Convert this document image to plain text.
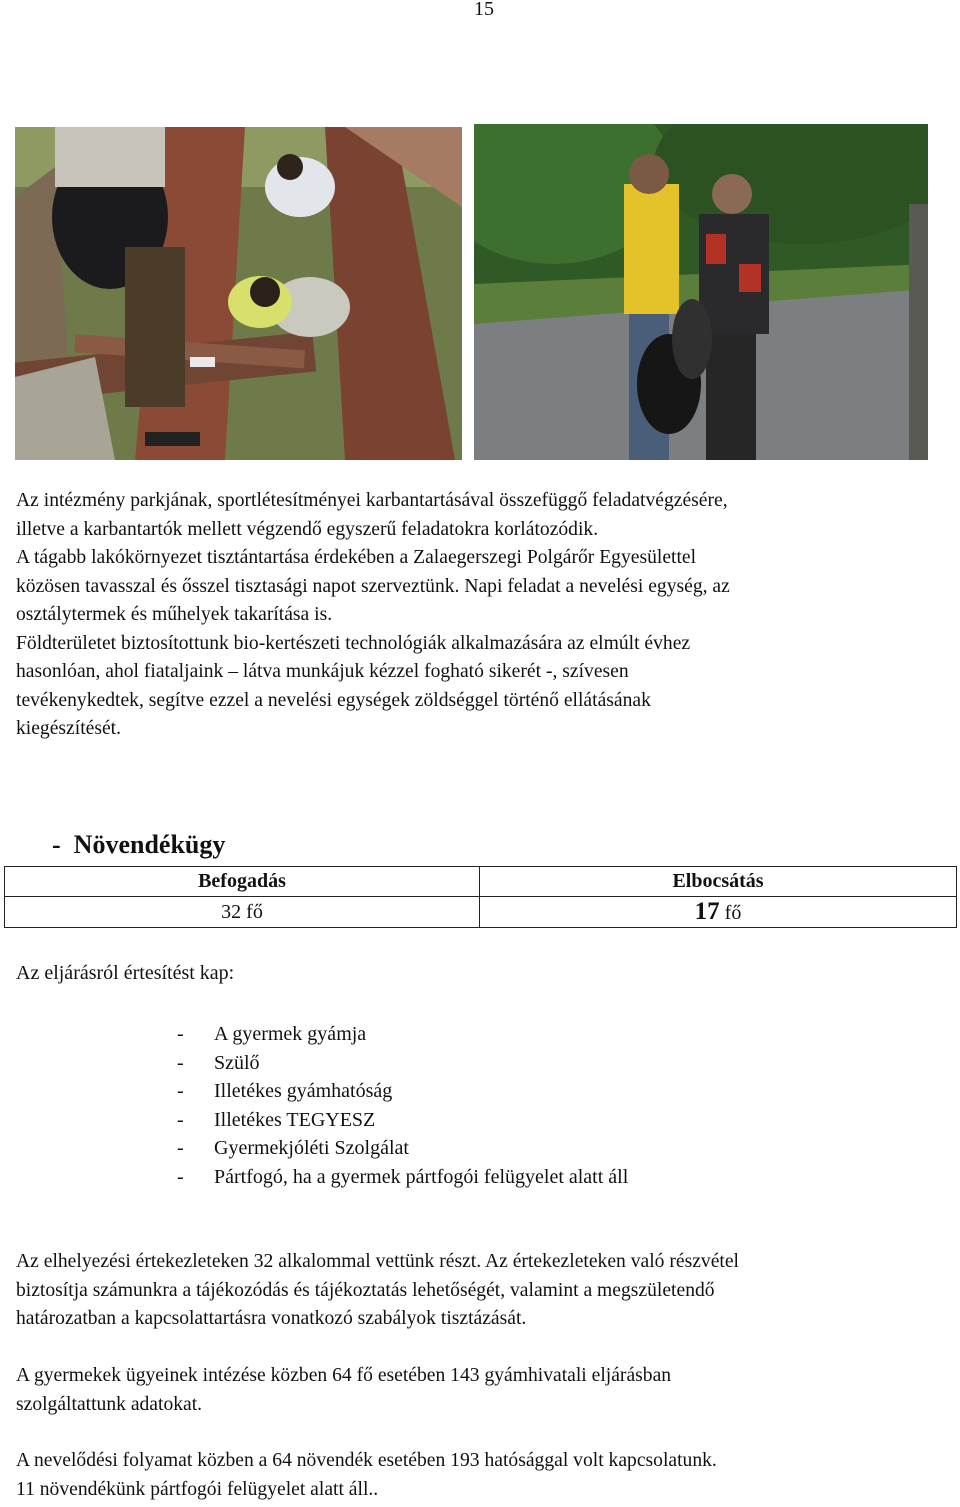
15
Az intézmény parkjának, sportlétesítményei karbantartásával összefüggő feladatvégzésére,
illetve a karbantartók mellett végzendő egyszerű feladatokra korlátozódik.
A tágabb lakókörnyezet tisztántartása érdekében a Zalaegerszegi Polgárőr Egyesülettel
közösen tavasszal és ősszel tisztasági napot szerveztünk. Napi feladat a nevelési egység, az
osztálytermek és műhelyek takarítása is.
Földterületet biztosítottunk bio-kertészeti technológiák alkalmazására az elmúlt évhez
hasonlóan, ahol fiataljaink – látva munkájuk kézzel fogható sikerét -, szívesen
tevékenykedtek, segítve ezzel a nevelési egységek zöldséggel történő ellátásának
kiegészítését.
- Növendékügy
Befogadás	Elbocsátás
32 fő	17 fő
Az eljárásról értesítést kap:
- A gyermek gyámja
- Szülő
- Illetékes gyámhatóság
- Illetékes TEGYESZ
- Gyermekjóléti Szolgálat
- Pártfogó, ha a gyermek pártfogói felügyelet alatt áll
Az elhelyezési értekezleteken 32 alkalommal vettünk részt. Az értekezleteken való részvétel
biztosítja számunkra a tájékozódás és tájékoztatás lehetőségét, valamint a megszületendő
határozatban a kapcsolattartásra vonatkozó szabályok tisztázását.
A gyermekek ügyeinek intézése közben 64 fő esetében 143 gyámhivatali eljárásban
szolgáltattunk adatokat.
A nevelődési folyamat közben a 64 növendék esetében 193 hatósággal volt kapcsolatunk.
11 növendékünk pártfogói felügyelet alatt áll..
